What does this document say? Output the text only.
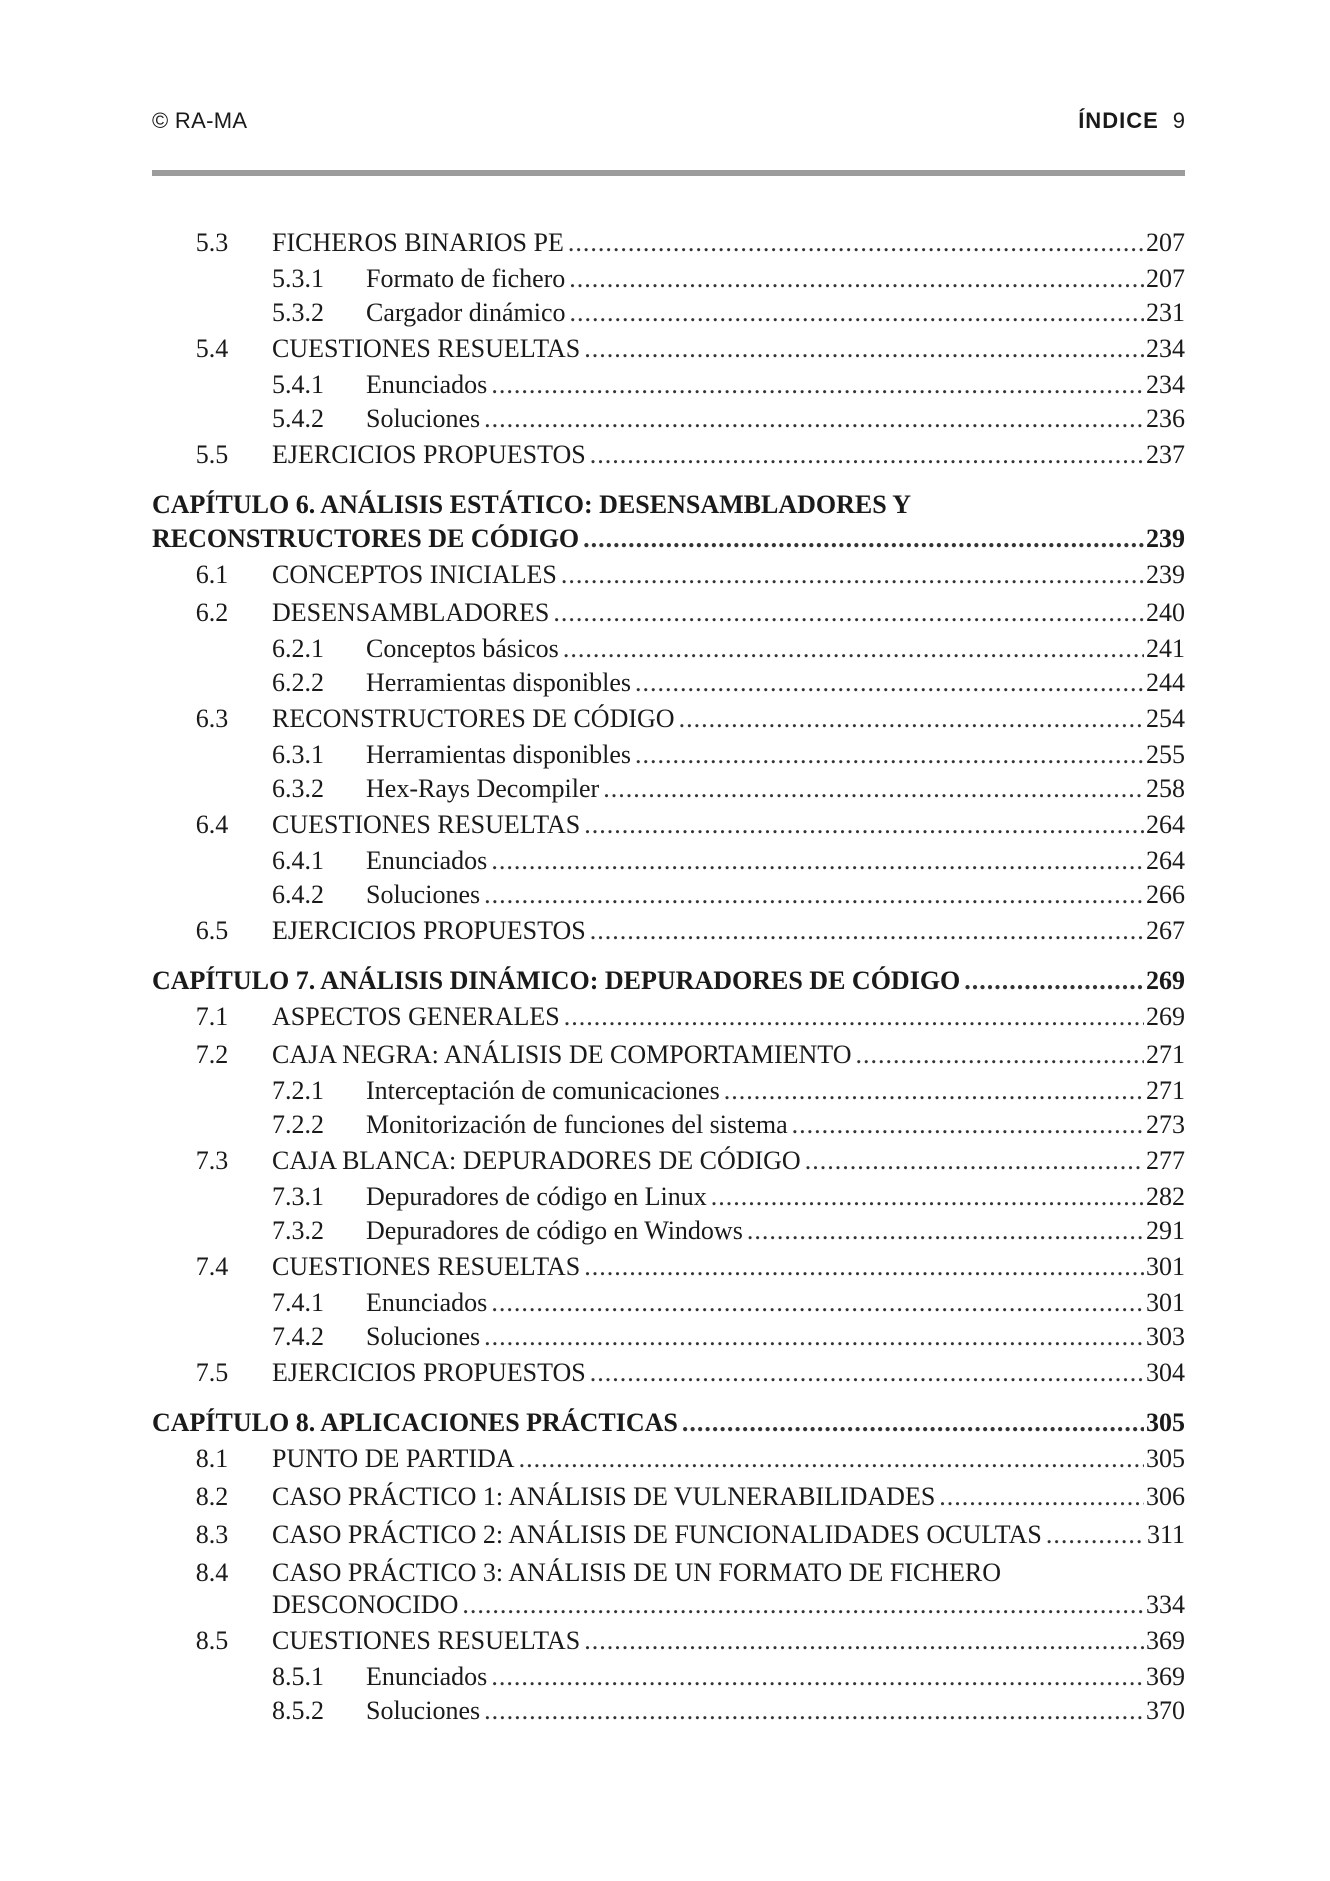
© RA-MA	ÍNDICE 9
5.3	FICHEROS BINARIOS PE .....	207
5.3.1	Formato de fichero .....	207
5.3.2	Cargador dinámico .....	231
5.4	CUESTIONES RESUELTAS .....	234
5.4.1	Enunciados .....	234
5.4.2	Soluciones .....	236
5.5	EJERCICIOS PROPUESTOS .....	237
CAPÍTULO 6. ANÁLISIS ESTÁTICO: DESENSAMBLADORES Y
RECONSTRUCTORES DE CÓDIGO .....	239
6.1	CONCEPTOS INICIALES .....	239
6.2	DESENSAMBLADORES .....	240
6.2.1	Conceptos básicos .....	241
6.2.2	Herramientas disponibles .....	244
6.3	RECONSTRUCTORES DE CÓDIGO .....	254
6.3.1	Herramientas disponibles .....	255
6.3.2	Hex-Rays Decompiler .....	258
6.4	CUESTIONES RESUELTAS .....	264
6.4.1	Enunciados .....	264
6.4.2	Soluciones .....	266
6.5	EJERCICIOS PROPUESTOS .....	267
CAPÍTULO 7. ANÁLISIS DINÁMICO: DEPURADORES DE CÓDIGO .....	269
7.1	ASPECTOS GENERALES .....	269
7.2	CAJA NEGRA: ANÁLISIS DE COMPORTAMIENTO .....	271
7.2.1	Interceptación de comunicaciones .....	271
7.2.2	Monitorización de funciones del sistema .....	273
7.3	CAJA BLANCA: DEPURADORES DE CÓDIGO .....	277
7.3.1	Depuradores de código en Linux .....	282
7.3.2	Depuradores de código en Windows .....	291
7.4	CUESTIONES RESUELTAS .....	301
7.4.1	Enunciados .....	301
7.4.2	Soluciones .....	303
7.5	EJERCICIOS PROPUESTOS .....	304
CAPÍTULO 8. APLICACIONES PRÁCTICAS .....	305
8.1	PUNTO DE PARTIDA .....	305
8.2	CASO PRÁCTICO 1: ANÁLISIS DE VULNERABILIDADES .....	306
8.3	CASO PRÁCTICO 2: ANÁLISIS DE FUNCIONALIDADES OCULTAS .....	311
8.4	CASO PRÁCTICO 3: ANÁLISIS DE UN FORMATO DE FICHERO
DESCONOCIDO .....	334
8.5	CUESTIONES RESUELTAS .....	369
8.5.1	Enunciados .....	369
8.5.2	Soluciones .....	370
